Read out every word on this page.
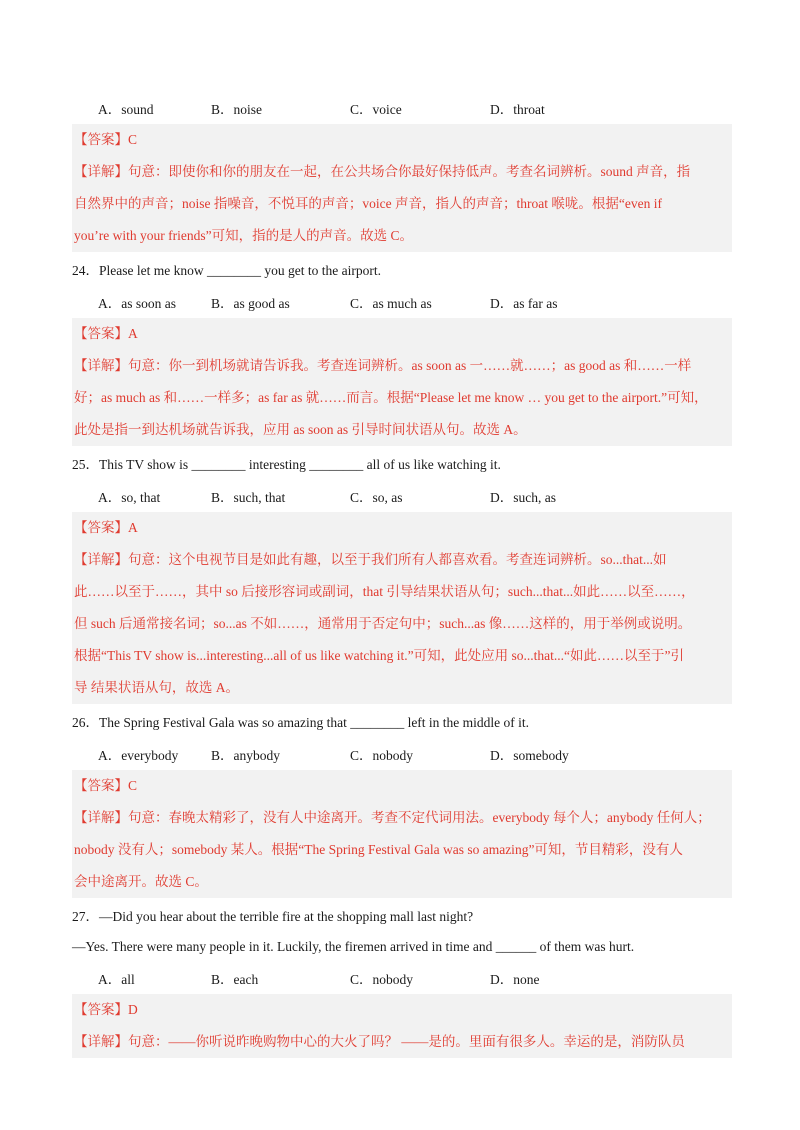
A．sound	B．noise	C．voice	D．throat

【答案】C

【详解】句意：即使你和你的朋友在一起，在公共场合你最好保持低声。考查名词辨析。sound 声音，指

自然界中的声音；noise 指噪音，不悦耳的声音；voice 声音，指人的声音；throat 喉咙。根据“even if

you’re with your friends”可知，指的是人的声音。故选 C。

24．Please let me know ________ you get to the airport.

A．as soon as	B．as good as	C．as much as	D．as far as

【答案】A

【详解】句意：你一到机场就请告诉我。考查连词辨析。as soon as 一……就……；as good as 和……一样

好；as much as 和……一样多；as far as 就……而言。根据“Please let me know … you get to the airport.”可知，

此处是指一到达机场就告诉我，应用 as soon as 引导时间状语从句。故选 A。

25．This TV show is ________ interesting ________ all of us like watching it.

A．so, that	B．such, that	C．so, as	D．such, as

【答案】A

【详解】句意：这个电视节目是如此有趣，以至于我们所有人都喜欢看。考查连词辨析。so...that...如

此……以至于……，其中 so 后接形容词或副词，that 引导结果状语从句；such...that...如此……以至……，

但 such 后通常接名词；so...as 不如……，通常用于否定句中；such...as 像……这样的，用于举例或说明。

根据“This TV show is...interesting...all of us like watching it.”可知，此处应用 so...that...“如此……以至于”引

导 结果状语从句，故选 A。

26．The Spring Festival Gala was so amazing that ________ left in the middle of it.

A．everybody B．anybody	C．nobody	D．somebody

【答案】C

【详解】句意：春晚太精彩了，没有人中途离开。考查不定代词用法。everybody 每个人；anybody 任何人；

nobody 没有人；somebody 某人。根据“The Spring Festival Gala was so amazing”可知，节目精彩，没有人

会中途离开。故选 C。

27．—Did you hear about the terrible fire at the shopping mall last night?

—Yes. There were many people in it. Luckily, the firemen arrived in time and ______ of them was hurt.

A．all	B．each	C．nobody	D．none

【答案】D

【详解】句意：——你听说昨晚购物中心的大火了吗？ ——是的。里面有很多人。幸运的是，消防队员
